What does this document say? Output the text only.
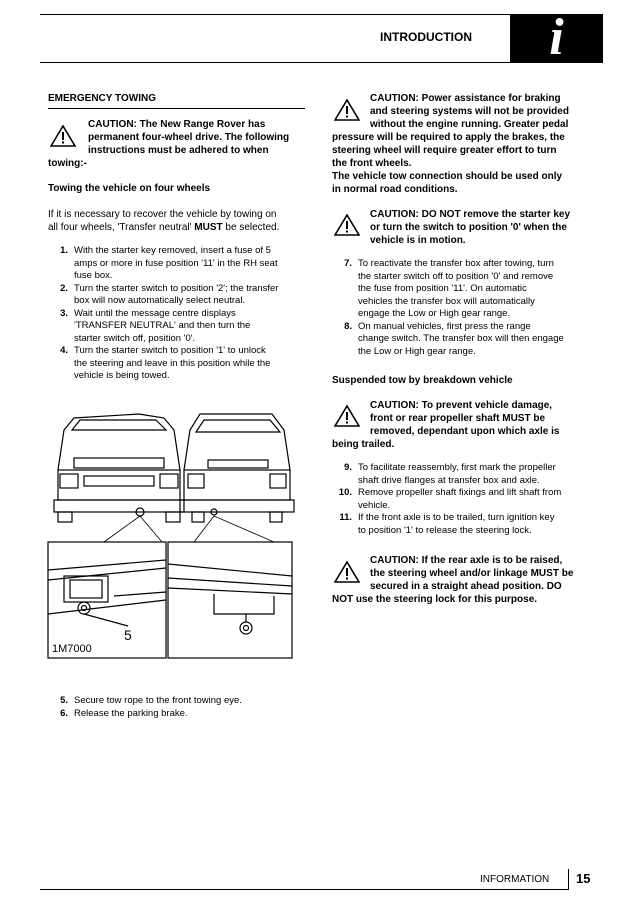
INTRODUCTION	i
EMERGENCY TOWING
CAUTION: The New Range Rover has
permanent four-wheel drive. The following
instructions must be adhered to when
towing:-
Towing the vehicle on four wheels
If it is necessary to recover the vehicle by towing on
all four wheels, 'Transfer neutral' MUST be selected.
1. With the starter key removed, insert a fuse of 5
amps or more in fuse position '11' in the RH seat
fuse box.
2. Turn the starter switch to position '2'; the transfer
box will now automatically select neutral.
3. Wait until the message centre displays
'TRANSFER NEUTRAL' and then turn the
starter switch off, position '0'.
4. Turn the starter switch to position '1' to unlock
the steering and leave in this position while the
vehicle is being towed.
5
1M7000
5. Secure tow rope to the front towing eye.
6. Release the parking brake.
CAUTION: Power assistance for braking
and steering systems will not be provided
without the engine running. Greater pedal
pressure will be required to apply the brakes, the
steering wheel will require greater effort to turn
the front wheels.
The vehicle tow connection should be used only
in normal road conditions.
CAUTION: DO NOT remove the starter key
or turn the switch to position '0' when the
vehicle is in motion.
7. To reactivate the transfer box after towing, turn
the starter switch off to position '0' and remove
the fuse from position '11'. On automatic
vehicles the transfer box will automatically
engage the Low or High gear range.
8. On manual vehicles, first press the range
change switch. The transfer box will then engage
the Low or High gear range.
Suspended tow by breakdown vehicle
CAUTION: To prevent vehicle damage,
front or rear propeller shaft MUST be
removed, dependant upon which axle is
being trailed.
9. To facilitate reassembly, first mark the propeller
shaft drive flanges at transfer box and axle.
10. Remove propeller shaft fixings and lift shaft from
vehicle.
11. If the front axle is to be trailed, turn ignition key
to position '1' to release the steering lock.
CAUTION: If the rear axle is to be raised,
the steering wheel and/or linkage MUST be
secured in a straight ahead position. DO
NOT use the steering lock for this purpose.
INFORMATION 15
